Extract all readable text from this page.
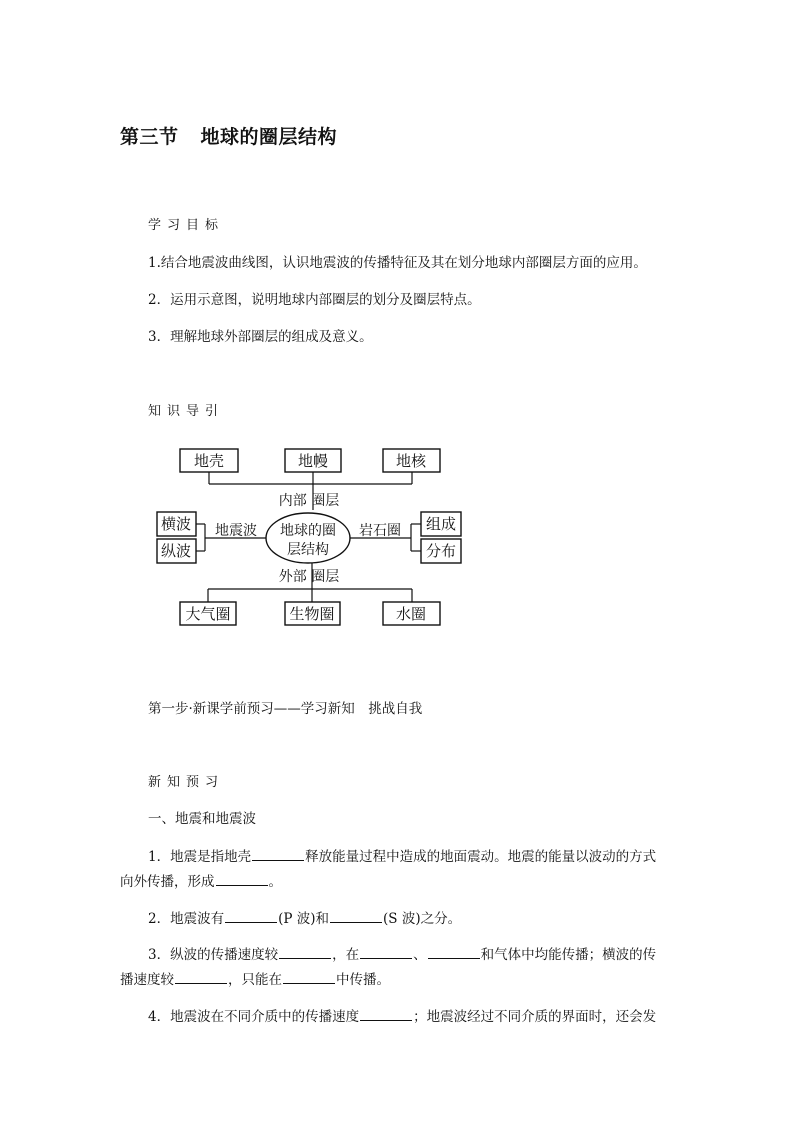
第三节 地球的圈层结构
学习目标
1.结合地震波曲线图，认识地震波的传播特征及其在划分地球内部圈层方面的应用。
2．运用示意图，说明地球内部圈层的划分及圈层特点。
3．理解地球外部圈层的组成及意义。
知识导引
地壳	地幔	地核
大气圈	生物圈	水圈
横波
纵波
组成
分布
内部 圈层
外部 圈层
地震波	岩石圈
地球的圈
层结构
第一步·新课学前预习——学习新知　挑战自我
新知预习
一、地震和地震波
1．地震是指地壳	释放能量过程中造成的地面震动。地震的能量以波动的方式
向外传播，形成	。
2．地震波有	(P 波)和	(S 波)之分。
3．纵波的传播速度较	，在	、	和气体中均能传播；横波的传
播速度较	，只能在	中传播。
4．地震波在不同介质中的传播速度	；地震波经过不同介质的界面时，还会发
